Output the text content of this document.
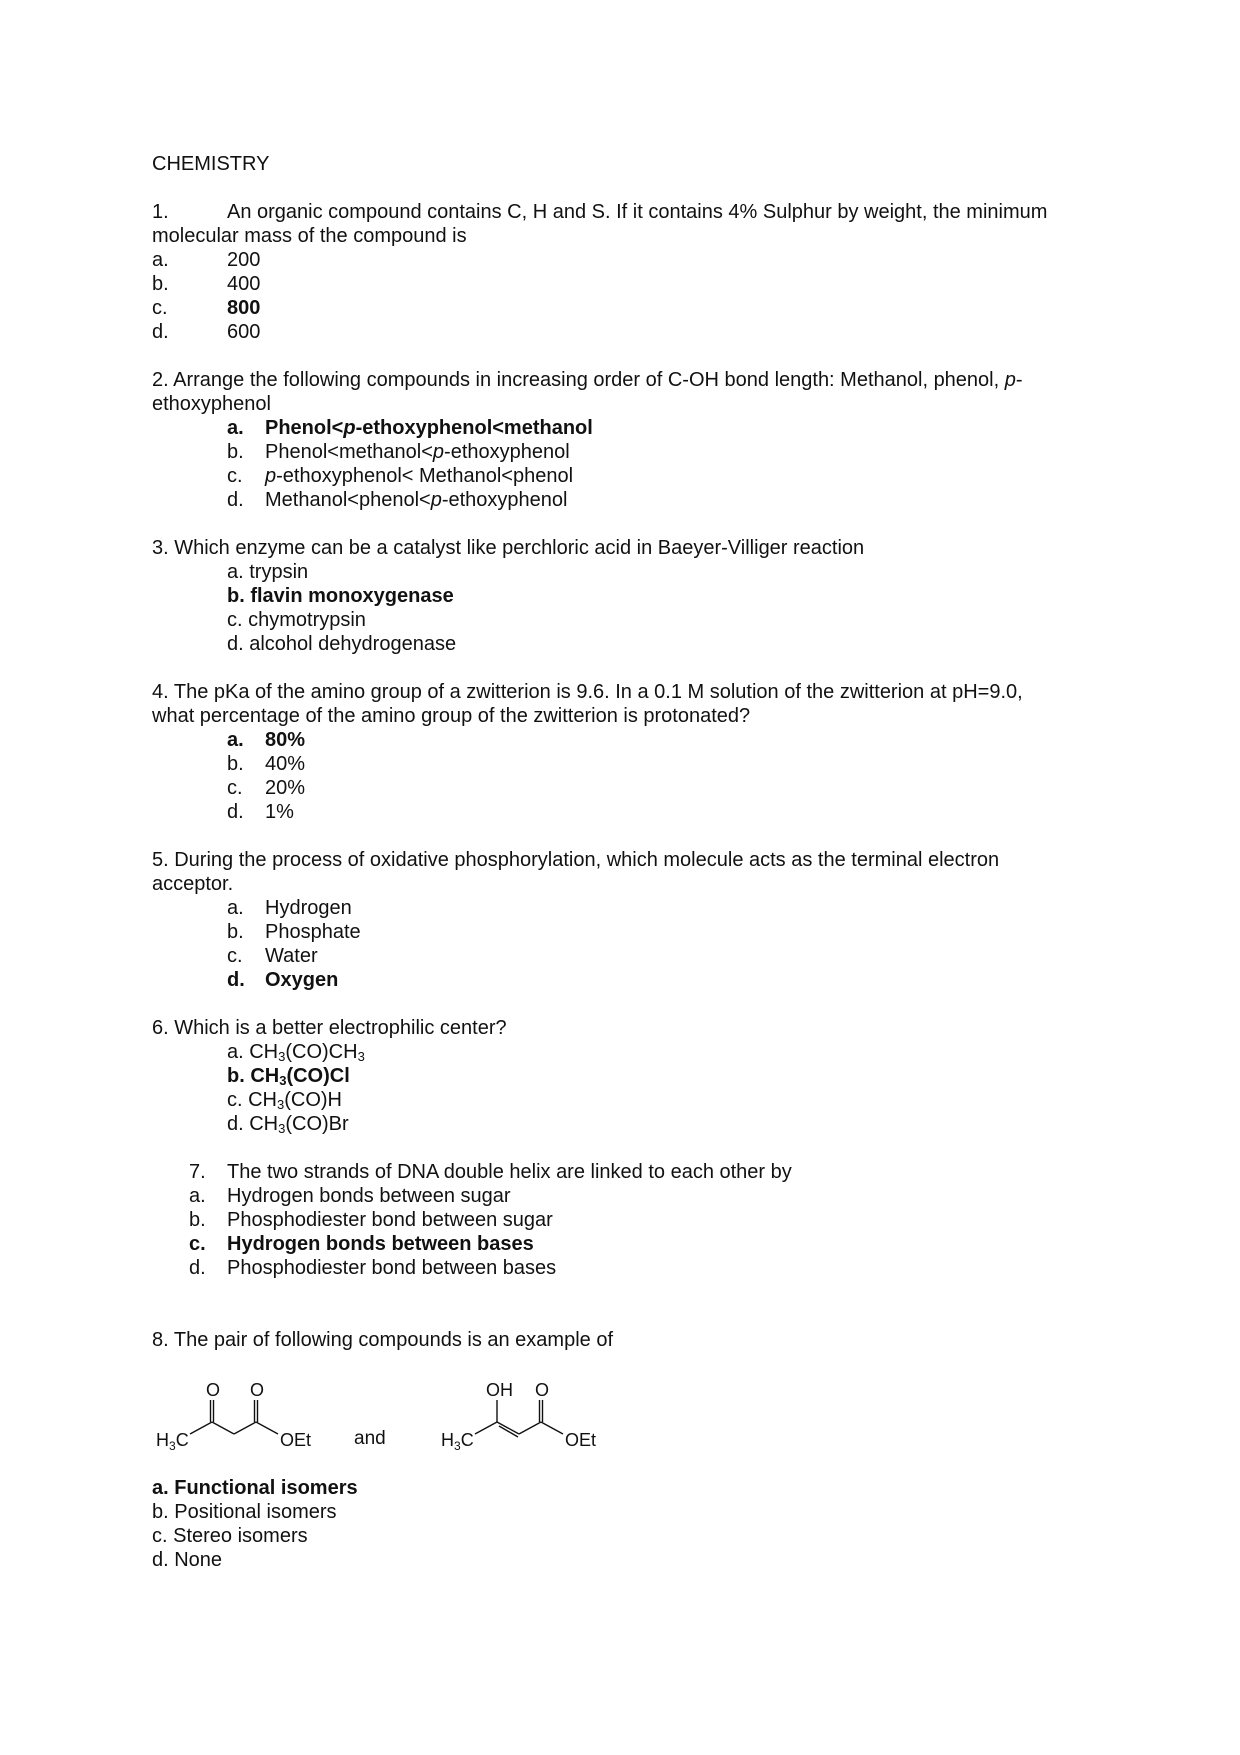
CHEMISTRY
1.	An organic compound contains C, H and S. If it contains 4% Sulphur by weight, the minimum
molecular mass of the compound is
a.	200
b.	400
c.	800
d.	600
2. Arrange the following compounds in increasing order of C-OH bond length: Methanol, phenol, p-
ethoxyphenol
a. Phenol<p-ethoxyphenol<methanol
b. Phenol<methanol<p-ethoxyphenol
c. p-ethoxyphenol< Methanol<phenol
d. Methanol<phenol<p-ethoxyphenol
3. Which enzyme can be a catalyst like perchloric acid in Baeyer-Villiger reaction
a. trypsin
b. flavin monoxygenase
c. chymotrypsin
d. alcohol dehydrogenase
4. The pKa of the amino group of a zwitterion is 9.6. In a 0.1 M solution of the zwitterion at pH=9.0,
what percentage of the amino group of the zwitterion is protonated?
a. 80%
b. 40%
c. 20%
d. 1%
5. During the process of oxidative phosphorylation, which molecule acts as the terminal electron
acceptor.
a. Hydrogen
b. Phosphate
c. Water
d. Oxygen
6. Which is a better electrophilic center?
a. CH3(CO)CH3
b. CH3(CO)Cl
c. CH3(CO)H
d. CH3(CO)Br
7. The two strands of DNA double helix are linked to each other by
a. Hydrogen bonds between sugar
b. Phosphodiester bond between sugar
c. Hydrogen bonds between bases
d. Phosphodiester bond between bases
8. The pair of following compounds is an example of
O O
$H_3C$	OEt and
OH O
$H_3C$	OEt
a. Functional isomers
b. Positional isomers
c. Stereo isomers
d. None
